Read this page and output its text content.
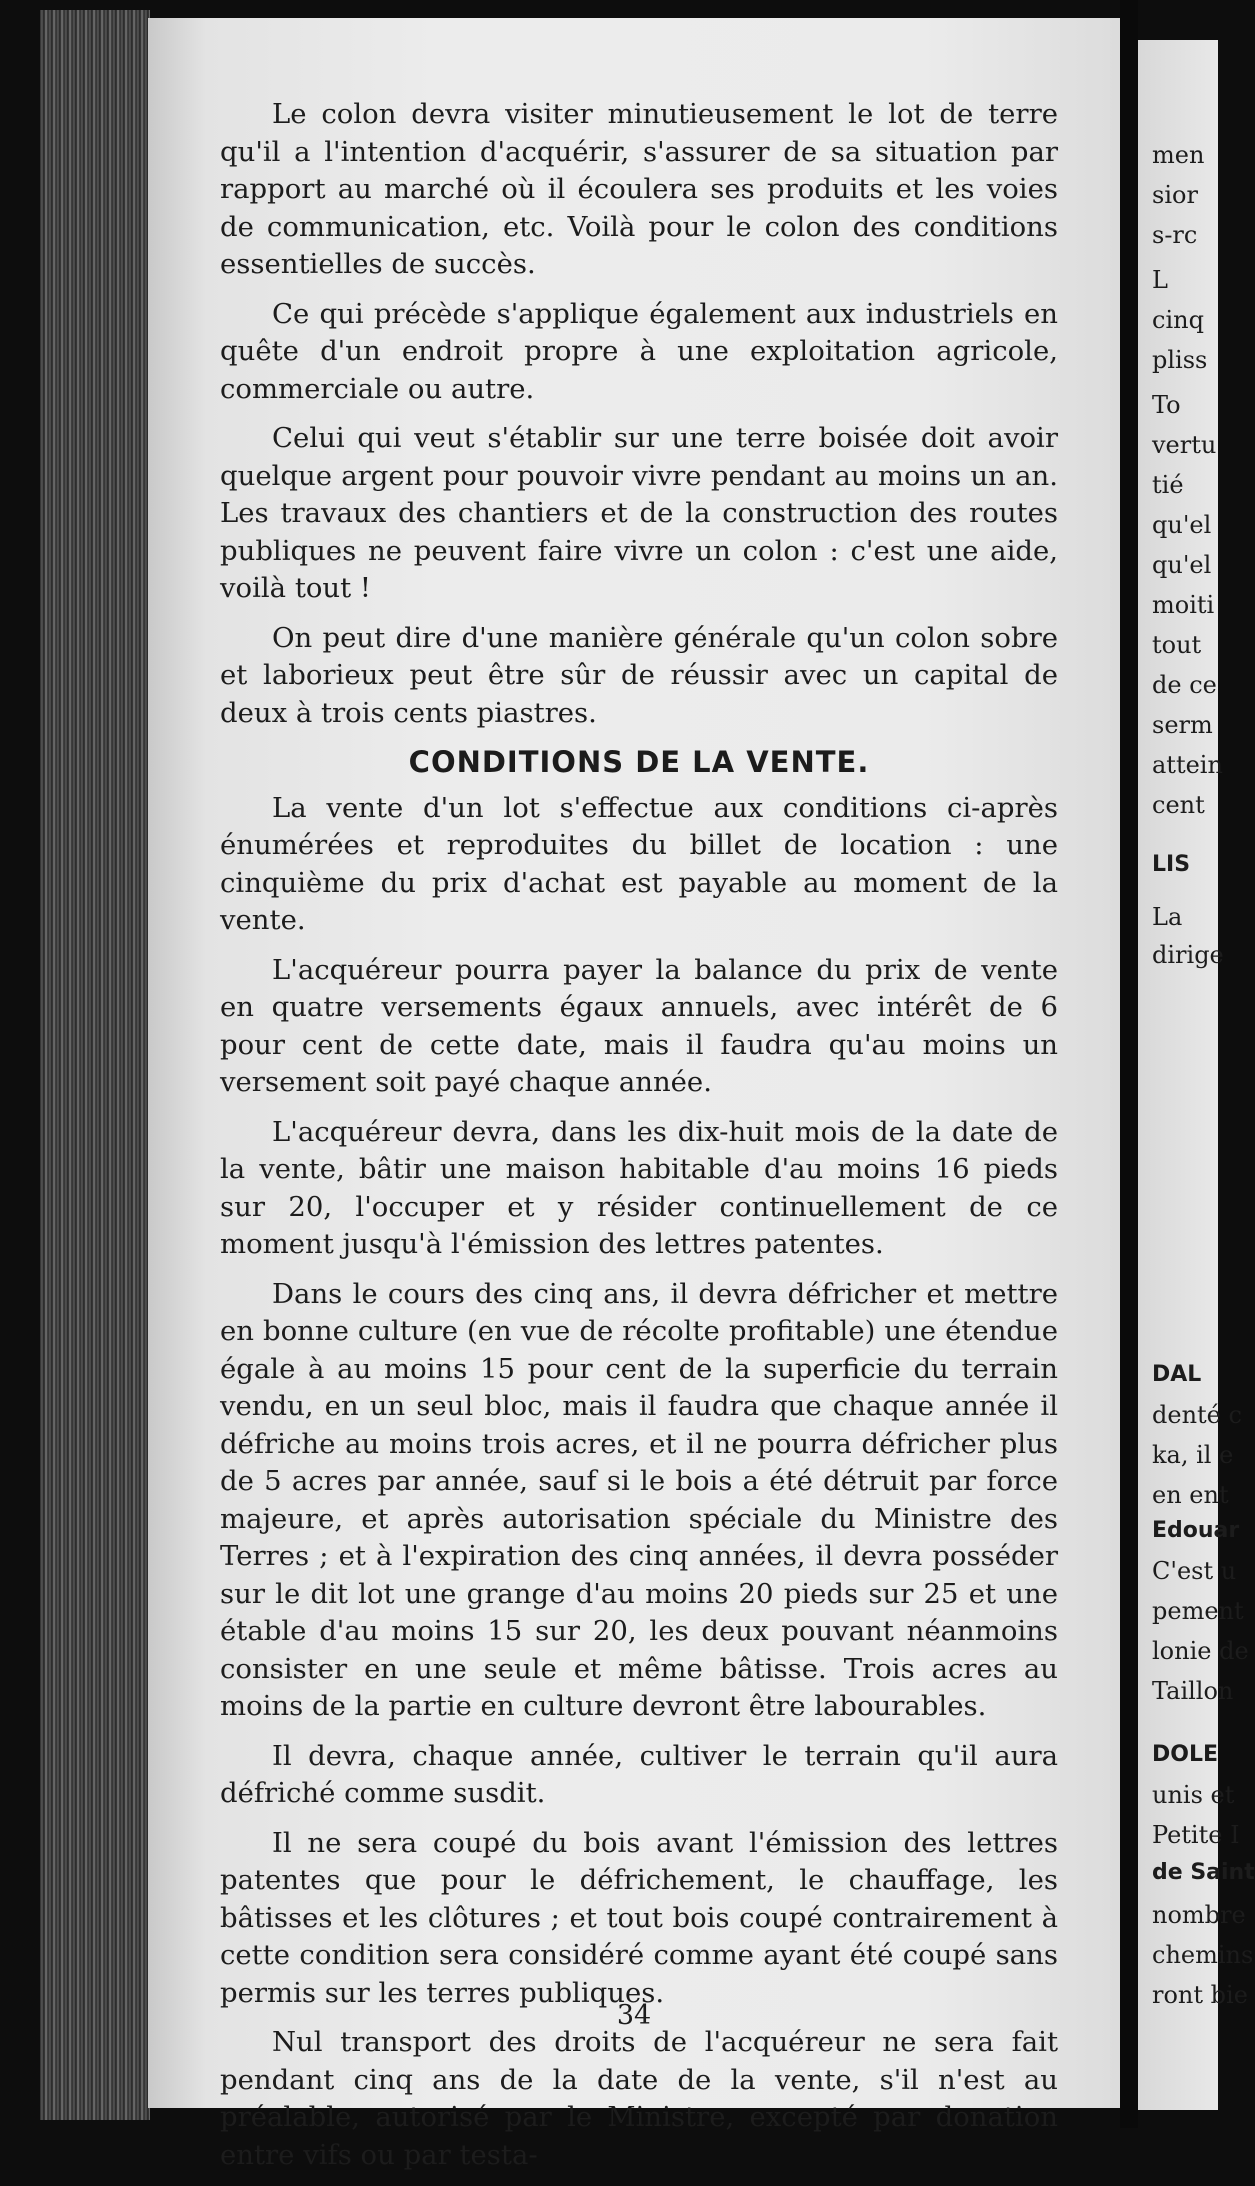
Le colon devra visiter minutieusement le lot de terre qu'il a l'intention d'acquérir, s'assurer de sa situation par rapport au marché où il écoulera ses produits et les voies de communication, etc. Voilà pour le colon des conditions essentielles de succès.

Ce qui précède s'applique également aux industriels en quête d'un endroit propre à une exploitation agricole, commerciale ou autre.

Celui qui veut s'établir sur une terre boisée doit avoir quelque argent pour pouvoir vivre pendant au moins un an. Les travaux des chantiers et de la construction des routes publiques ne peuvent faire vivre un colon : c'est une aide, voilà tout !

On peut dire d'une manière générale qu'un colon sobre et laborieux peut être sûr de réussir avec un capital de deux à trois cents piastres.

CONDITIONS DE LA VENTE.

La vente d'un lot s'effectue aux conditions ci-après énumérées et reproduites du billet de location : une cinquième du prix d'achat est payable au moment de la vente.

L'acquéreur pourra payer la balance du prix de vente en quatre versements égaux annuels, avec intérêt de 6 pour cent de cette date, mais il faudra qu'au moins un versement soit payé chaque année.

L'acquéreur devra, dans les dix-huit mois de la date de la vente, bâtir une maison habitable d'au moins 16 pieds sur 20, l'occuper et y résider continuellement de ce moment jusqu'à l'émission des lettres patentes.

Dans le cours des cinq ans, il devra défricher et mettre en bonne culture (en vue de récolte profitable) une étendue égale à au moins 15 pour cent de la superficie du terrain vendu, en un seul bloc, mais il faudra que chaque année il défriche au moins trois acres, et il ne pourra défricher plus de 5 acres par année, sauf si le bois a été détruit par force majeure, et après autorisation spéciale du Ministre des Terres ; et à l'expiration des cinq années, il devra posséder sur le dit lot une grange d'au moins 20 pieds sur 25 et une étable d'au moins 15 sur 20, les deux pouvant néanmoins consister en une seule et même bâtisse. Trois acres au moins de la partie en culture devront être labourables.

Il devra, chaque année, cultiver le terrain qu'il aura défriché comme susdit.

Il ne sera coupé du bois avant l'émission des lettres patentes que pour le défrichement, le chauffage, les bâtisses et les clôtures ; et tout bois coupé contrairement à cette condition sera considéré comme ayant été coupé sans permis sur les terres publiques.

Nul transport des droits de l'acquéreur ne sera fait pendant cinq ans de la date de la vente, s'il n'est au préalable, autorisé par le Ministre, excepté par donation entre vifs ou par testa-

34
men
sior
s-rc
L
cinq
pliss
To
vertu
tié
qu'el
qu'el
moiti
tout
de ce
serm
attein
cent
LIS
La
dirige
DAL
denté c
ka, il e
en ent
Edouar
C'est u
pement
lonie de
Taillon
DOLE
unis et
Petite I
de Saint
nombre
chemins
ront bie
